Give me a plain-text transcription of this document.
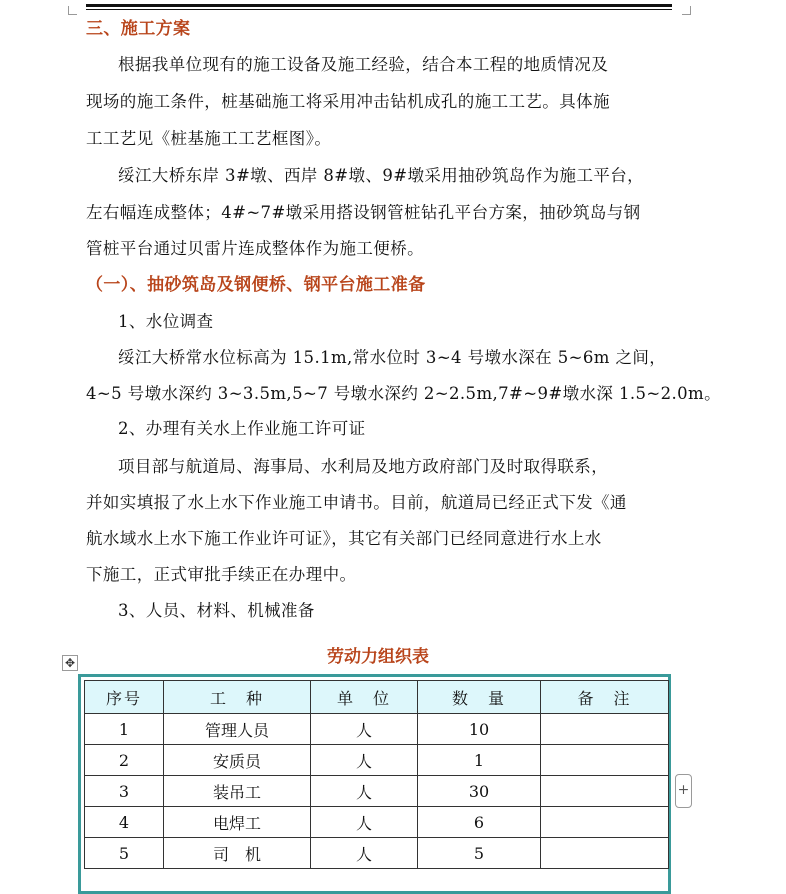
三、施工方案
根据我单位现有的施工设备及施工经验，结合本工程的地质情况及
现场的施工条件，桩基础施工将采用冲击钻机成孔的施工工艺。具体施
工工艺见《桩基施工工艺框图》。
绥江大桥东岸 3#墩、西岸 8#墩、9#墩采用抽砂筑岛作为施工平台，
左右幅连成整体；4#~7#墩采用搭设钢管桩钻孔平台方案，抽砂筑岛与钢
管桩平台通过贝雷片连成整体作为施工便桥。
（一）、抽砂筑岛及钢便桥、钢平台施工准备
1、水位调查
绥江大桥常水位标高为 15.1m,常水位时 3~4 号墩水深在 5~6m 之间，
4~5 号墩水深约 3~3.5m,5~7 号墩水深约 2~2.5m,7#~9#墩水深 1.5~2.0m。
2、办理有关水上作业施工许可证
项目部与航道局、海事局、水利局及地方政府部门及时取得联系，
并如实填报了水上水下作业施工申请书。目前，航道局已经正式下发《通
航水域水上水下施工作业许可证》，其它有关部门已经同意进行水上水
下施工，正式审批手续正在办理中。
3、人员、材料、机械准备
劳动力组织表
✥
+
序号	工　种	单　位	数　量	备　注
1	管理人员	人	10	
2	安质员	人	1	
3	装吊工	人	30	
4	电焊工	人	6	
5	司　机	人	5	
